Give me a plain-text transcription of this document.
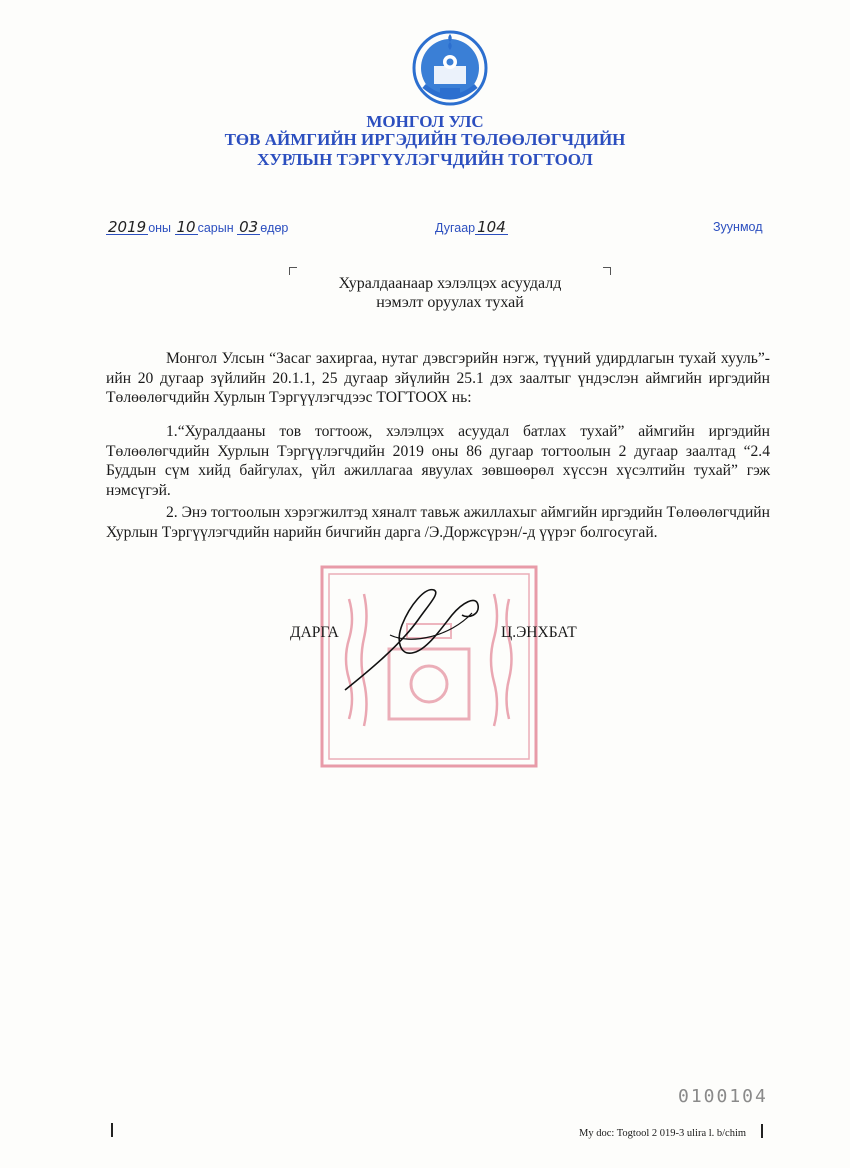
МОНГОЛ УЛС
ТӨВ АЙМГИЙН ИРГЭДИЙН ТӨЛӨӨЛӨГЧДИЙН
ХУРЛЫН ТЭРГҮҮЛЭГЧДИЙН ТОГТООЛ
2019 оны 10 сарын 03 өдөр	Дугаар 104	Зуунмод
Хуралдаанаар хэлэлцэх асуудалд
нэмэлт оруулах тухай

Монгол Улсын “Засаг захиргаа, нутаг дэвсгэрийн нэгж, түүний удирдлагын тухай хууль”-ийн 20 дугаар зүйлийн 20.1.1, 25 дугаар зйүлийн 25.1 дэх заалтыг үндэслэн аймгийн иргэдийн Төлөөлөгчдийн Хурлын Тэргүүлэгчдээс ТОГТООХ нь:

1.“Хуралдааны тов тогтоож, хэлэлцэх асуудал батлах тухай” аймгийн иргэдийн Төлөөлөгчдийн Хурлын Тэргүүлэгчдийн 2019 оны 86 дугаар тогтоолын 2 дугаар заалтад “2.4 Буддын сүм хийд байгулах, үйл ажиллагаа явуулах зөвшөөрөл хүссэн хүсэлтийн тухай” гэж нэмсүгэй.

2. Энэ тогтоолын хэрэгжилтэд хяналт тавьж ажиллахыг аймгийн иргэдийн Төлөөлөгчдийн Хурлын Тэргүүлэгчдийн нарийн бичгийн дарга /Э.Доржсүрэн/-д үүрэг болгосугай.

ДАРГА	Ц.ЭНХБАТ
0100104
My doc: Togtool 2 019-3 ulira l. b/chim
